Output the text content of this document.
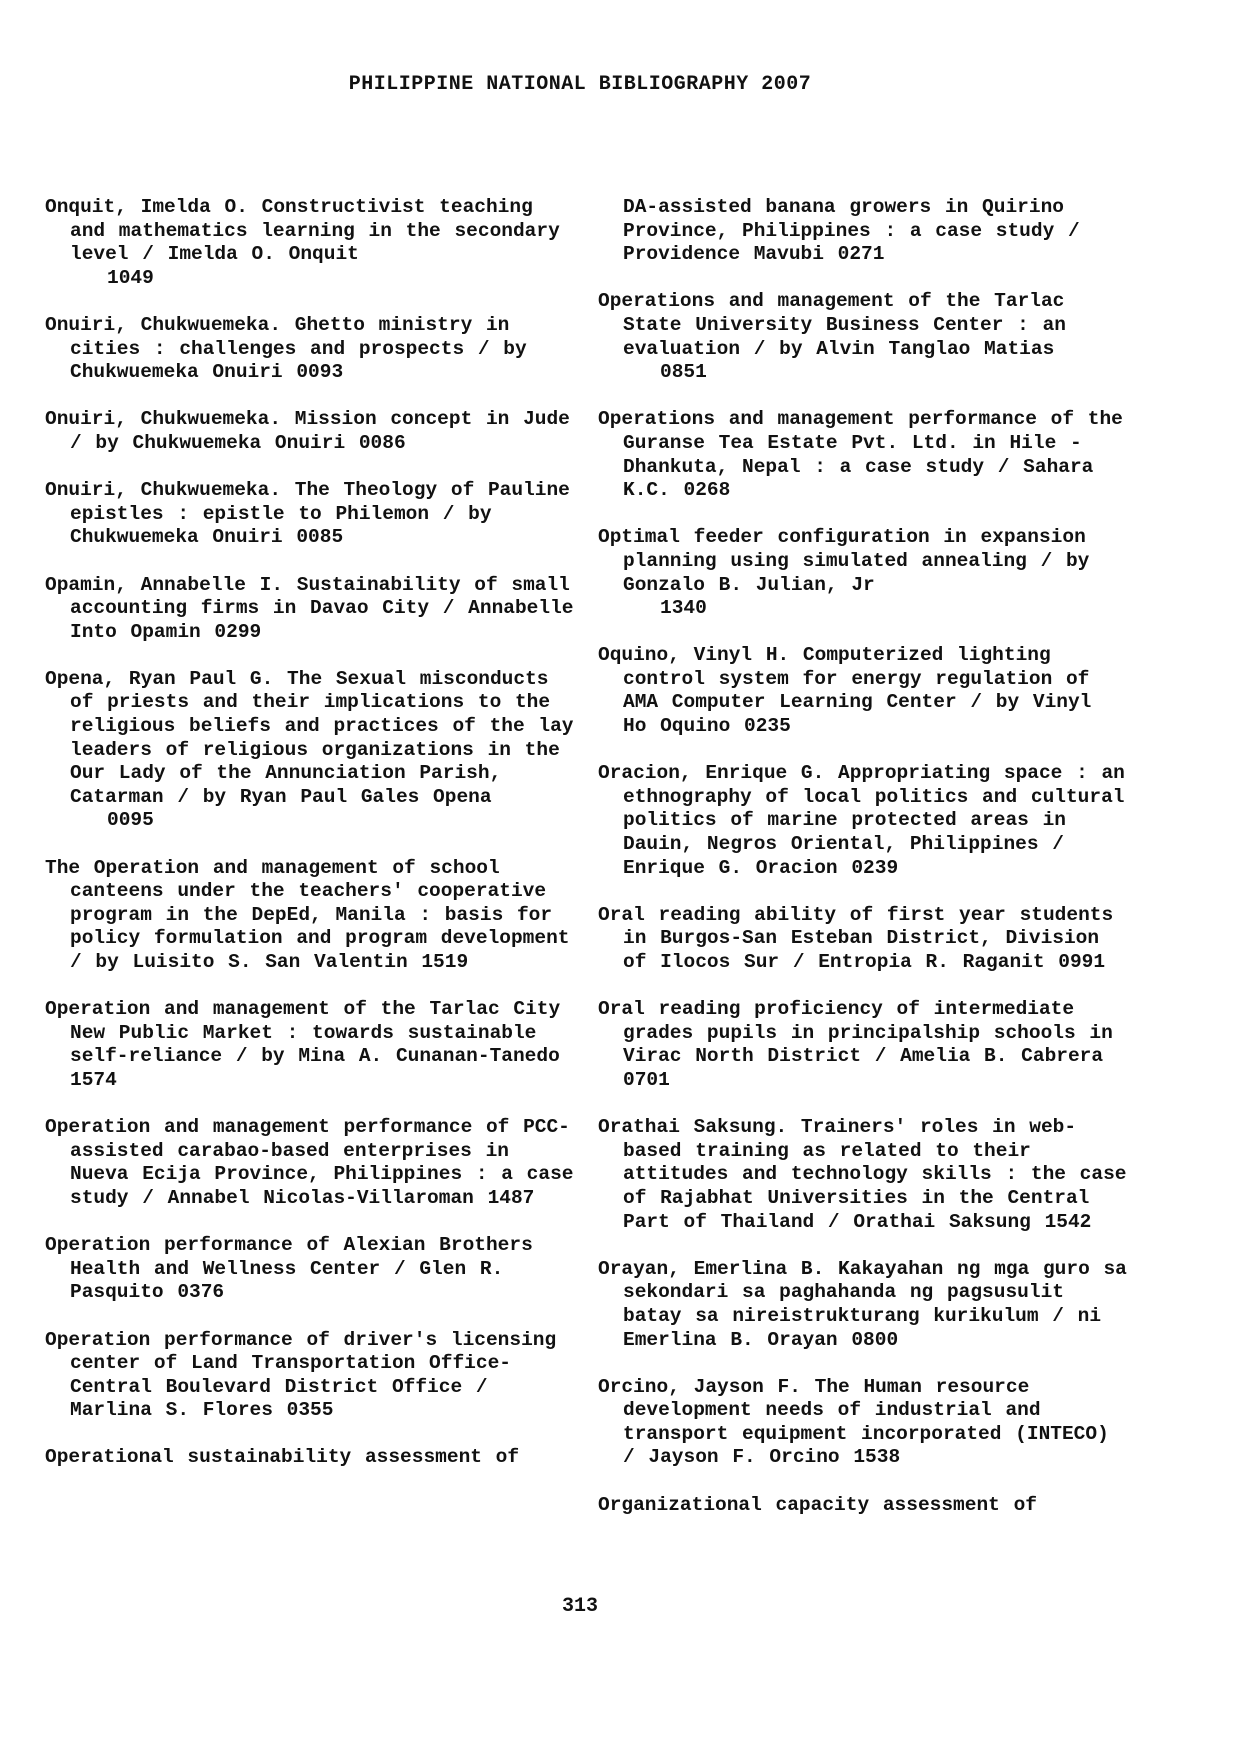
PHILIPPINE NATIONAL BIBLIOGRAPHY 2007

Onquit, Imelda O. Constructivist teaching and mathematics learning in the secondary level / Imelda O. Onquit
1049

Onuiri, Chukwuemeka. Ghetto ministry in cities : challenges and prospects / by Chukwuemeka Onuiri 0093

Onuiri, Chukwuemeka. Mission concept in Jude / by Chukwuemeka Onuiri 0086

Onuiri, Chukwuemeka. The Theology of Pauline epistles : epistle to Philemon / by Chukwuemeka Onuiri 0085

Opamin, Annabelle I. Sustainability of small accounting firms in Davao City / Annabelle Into Opamin 0299

Opena, Ryan Paul G. The Sexual misconducts of priests and their implications to the religious beliefs and practices of the lay leaders of religious organizations in the Our Lady of the Annunciation Parish, Catarman / by Ryan Paul Gales Opena
0095

The Operation and management of school canteens under the teachers' cooperative program in the DepEd, Manila : basis for policy formulation and program development / by Luisito S. San Valentin 1519

Operation and management of the Tarlac City New Public Market : towards sustainable self-reliance / by Mina A. Cunanan-Tanedo 1574

Operation and management performance of PCC-assisted carabao-based enterprises in Nueva Ecija Province, Philippines : a case study / Annabel Nicolas-Villaroman 1487

Operation performance of Alexian Brothers Health and Wellness Center / Glen R. Pasquito 0376

Operation performance of driver's licensing center of Land Transportation Office-Central Boulevard District Office / Marlina S. Flores 0355

Operational sustainability assessment of

DA-assisted banana growers in Quirino Province, Philippines : a case study / Providence Mavubi 0271

Operations and management of the Tarlac State University Business Center : an evaluation / by Alvin Tanglao Matias
0851

Operations and management performance of the Guranse Tea Estate Pvt. Ltd. in Hile - Dhankuta, Nepal : a case study / Sahara K.C. 0268

Optimal feeder configuration in expansion planning using simulated annealing / by Gonzalo B. Julian, Jr
1340

Oquino, Vinyl H. Computerized lighting control system for energy regulation of AMA Computer Learning Center / by Vinyl Ho Oquino 0235

Oracion, Enrique G. Appropriating space : an ethnography of local politics and cultural politics of marine protected areas in Dauin, Negros Oriental, Philippines / Enrique G. Oracion 0239

Oral reading ability of first year students in Burgos-San Esteban District, Division of Ilocos Sur / Entropia R. Raganit 0991

Oral reading proficiency of intermediate grades pupils in principalship schools in Virac North District / Amelia B. Cabrera 0701

Orathai Saksung. Trainers' roles in web-based training as related to their attitudes and technology skills : the case of Rajabhat Universities in the Central Part of Thailand / Orathai Saksung 1542

Orayan, Emerlina B. Kakayahan ng mga guro sa sekondari sa paghahanda ng pagsusulit batay sa nireistrukturang kurikulum / ni Emerlina B. Orayan 0800

Orcino, Jayson F. The Human resource development needs of industrial and transport equipment incorporated (INTECO) / Jayson F. Orcino 1538

Organizational capacity assessment of

313
